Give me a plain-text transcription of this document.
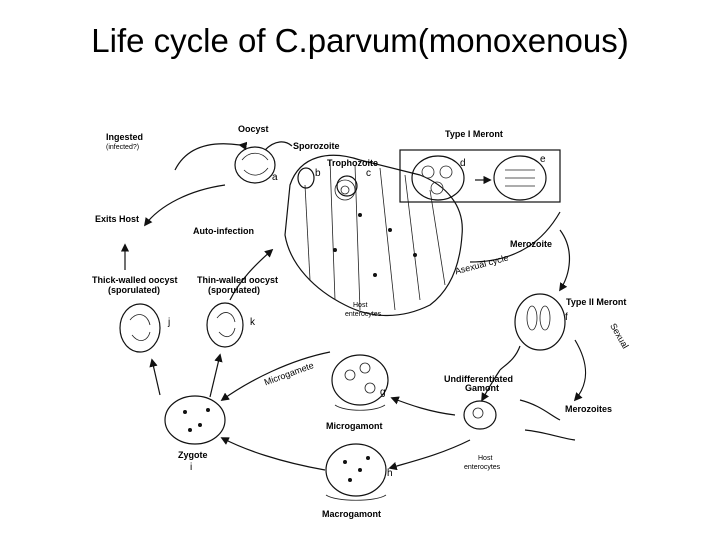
Life cycle of C.parvum(monoxenous)
Ingested
(infected?)
Oocyst
Sporozoite
Type I Meront
Trophozoite
Exits Host
Auto-infection
Merozoite
Asexual cycle
Thick-walled oocyst
(sporulated)
Thin-walled oocyst
(sporulated)
Host
enterocytes
Type II Meront
Sexual
Undifferentiated
Gamont
Merozoites
Microgamete
Microgamont
Zygote	Host
enterocytes
Macrogamont
a	b	c
d	e
f
g
h
i
j	k
